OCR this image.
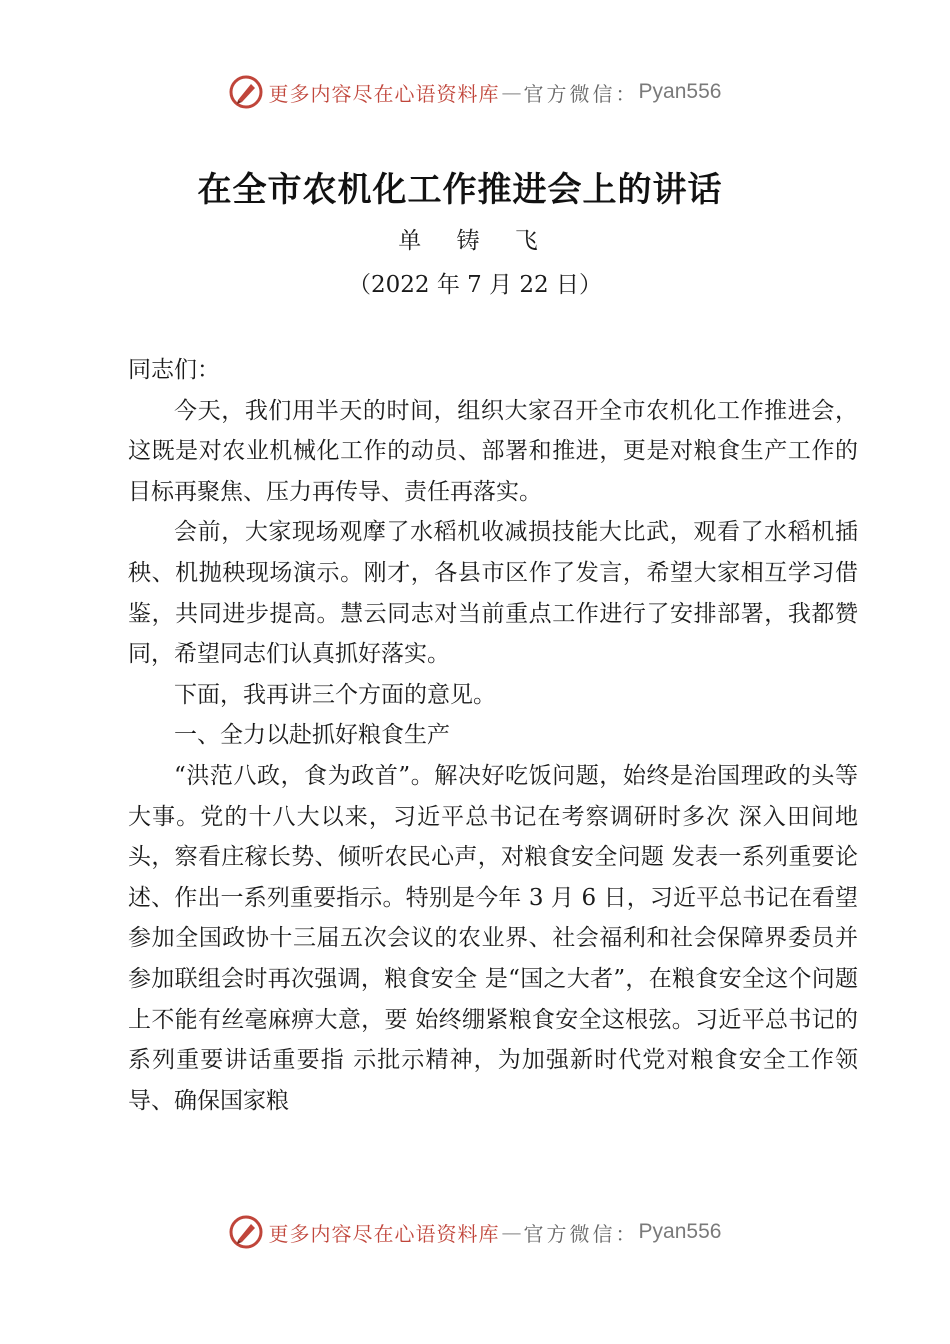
更多内容尽在心语资料库 — 官方微信： Pyan556
在全市农机化工作推进会上的讲话
单 铸 飞
（2022 年 7 月 22 日）

同志们：

今天，我们用半天的时间，组织大家召开全市农机化工作推进会，这既是对农业机械化工作的动员、部署和推进，更是对粮食生产工作的目标再聚焦、压力再传导、责任再落实。

会前，大家现场观摩了水稻机收减损技能大比武，观看了水稻机插秧、机抛秧现场演示。刚才，各县市区作了发言，希望大家相互学习借鉴，共同进步提高。慧云同志对当前重点工作进行了安排部署，我都赞同，希望同志们认真抓好落实。

下面，我再讲三个方面的意见。

一、全力以赴抓好粮食生产

“洪范八政，食为政首”。解决好吃饭问题，始终是治国理政的头等大事。党的十八大以来，习近平总书记在考察调研时多次 深入田间地头，察看庄稼长势、倾听农民心声，对粮食安全问题 发表一系列重要论述、作出一系列重要指示。特别是今年 3 月 6 日，习近平总书记在看望参加全国政协十三届五次会议的农业界、社会福利和社会保障界委员并参加联组会时再次强调，粮食安全 是“国之大者”，在粮食安全这个问题上不能有丝毫麻痹大意，要 始终绷紧粮食安全这根弦。习近平总书记的系列重要讲话重要指 示批示精神，为加强新时代党对粮食安全工作领导、确保国家粮

更多内容尽在心语资料库 — 官方微信： Pyan556
